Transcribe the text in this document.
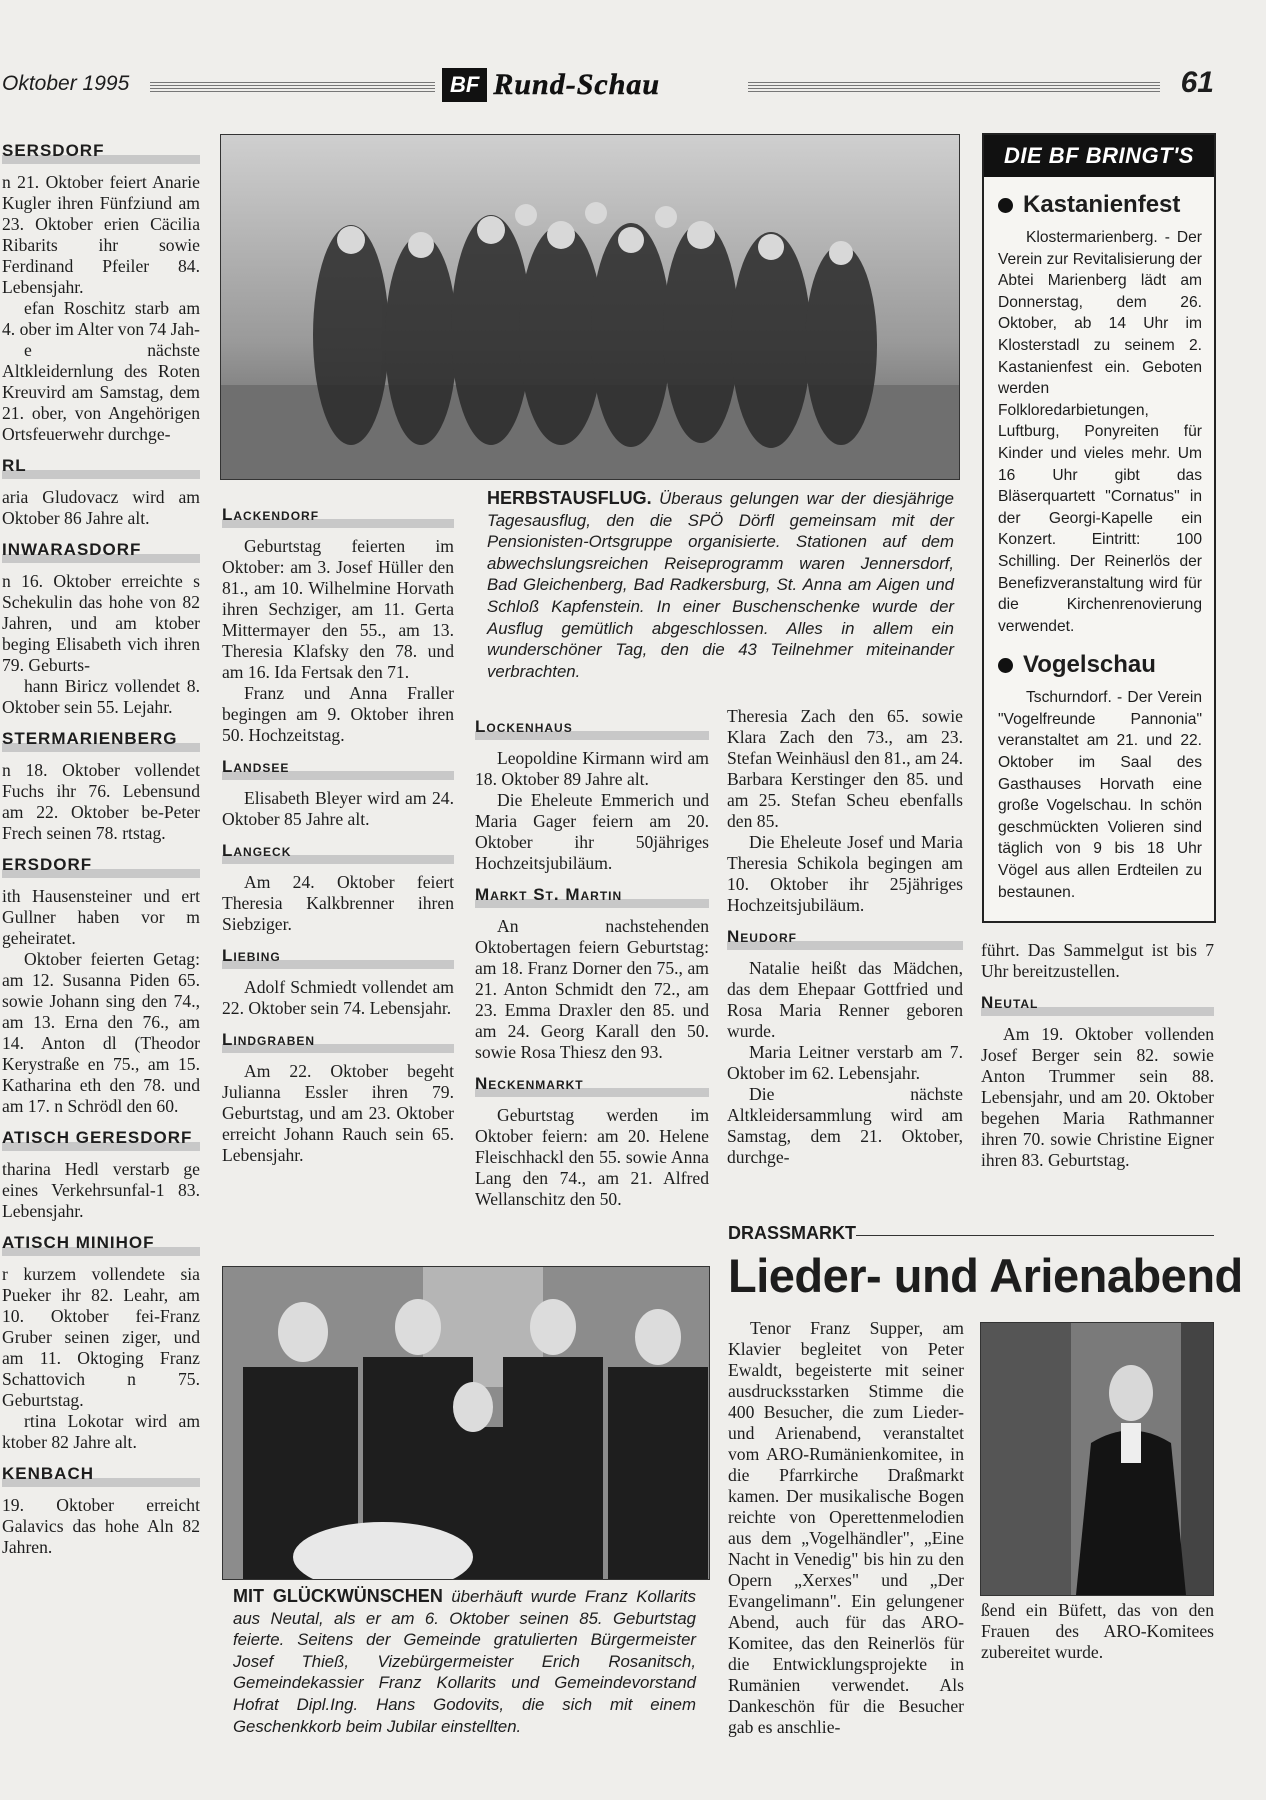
Oktober 1995	BF Rund-Schau	61
SERSDORF

n 21. Oktober feiert Anarie Kugler ihren Fünfziund am 23. Oktober erien Cäcilia Ribarits ihr sowie Ferdinand Pfeiler 84. Lebensjahr.

efan Roschitz starb am 4. ober im Alter von 74 Jah-

e nächste Altkleidernlung des Roten Kreuvird am Samstag, dem 21. ober, von Angehörigen Ortsfeuerwehr durchge-

RL

aria Gludovacz wird am Oktober 86 Jahre alt.

INWARASDORF

n 16. Oktober erreichte s Schekulin das hohe von 82 Jahren, und am ktober beging Elisabeth vich ihren 79. Geburts-

hann Biricz vollendet 8. Oktober sein 55. Lejahr.

STERMARIENBERG

n 18. Oktober vollendet Fuchs ihr 76. Lebensund am 22. Oktober be-Peter Frech seinen 78. rtstag.

ERSDORF

ith Hausensteiner und ert Gullner haben vor m geheiratet.

Oktober feierten Getag: am 12. Susanna Piden 65. sowie Johann sing den 74., am 13. Erna den 76., am 14. Anton dl (Theodor Kerystraße en 75., am 15. Katharina eth den 78. und am 17. n Schrödl den 60.

ATISCH GERESDORF

tharina Hedl verstarb ge eines Verkehrsunfal-1 83. Lebensjahr.

ATISCH MINIHOF

r kurzem vollendete sia Pueker ihr 82. Leahr, am 10. Oktober fei-Franz Gruber seinen ziger, und am 11. Oktoging Franz Schattovich n 75. Geburtstag.

rtina Lokotar wird am ktober 82 Jahre alt.

KENBACH

19. Oktober erreicht Galavics das hohe Aln 82 Jahren.

HERBSTAUSFLUG. Überaus gelungen war der diesjährige Tagesausflug, den die SPÖ Dörfl gemeinsam mit der Pensionisten-Ortsgruppe organisierte. Stationen auf dem abwechslungsreichen Reiseprogramm waren Jennersdorf, Bad Gleichenberg, Bad Radkersburg, St. Anna am Aigen und Schloß Kapfenstein. In einer Buschenschenke wurde der Ausflug gemütlich abgeschlossen. Alles in allem ein wunderschöner Tag, den die 43 Teilnehmer miteinander verbrachten.
Lackendorf

Geburtstag feierten im Oktober: am 3. Josef Hüller den 81., am 10. Wilhelmine Horvath ihren Sechziger, am 11. Gerta Mittermayer den 55., am 13. Theresia Klafsky den 78. und am 16. Ida Fertsak den 71.

Franz und Anna Fraller begingen am 9. Oktober ihren 50. Hochzeitstag.

Landsee

Elisabeth Bleyer wird am 24. Oktober 85 Jahre alt.

Langeck

Am 24. Oktober feiert Theresia Kalkbrenner ihren Siebziger.

Liebing

Adolf Schmiedt vollendet am 22. Oktober sein 74. Lebensjahr.

Lindgraben

Am 22. Oktober begeht Julianna Essler ihren 79. Geburtstag, und am 23. Oktober erreicht Johann Rauch sein 65. Lebensjahr.

Lockenhaus

Leopoldine Kirmann wird am 18. Oktober 89 Jahre alt.

Die Eheleute Emmerich und Maria Gager feiern am 20. Oktober ihr 50jähriges Hochzeitsjubiläum.

Markt St. Martin

An nachstehenden Oktobertagen feiern Geburtstag: am 18. Franz Dorner den 75., am 21. Anton Schmidt den 72., am 23. Emma Draxler den 85. und am 24. Georg Karall den 50. sowie Rosa Thiesz den 93.

Neckenmarkt

Geburtstag werden im Oktober feiern: am 20. Helene Fleischhackl den 55. sowie Anna Lang den 74., am 21. Alfred Wellanschitz den 50.

Theresia Zach den 65. sowie Klara Zach den 73., am 23. Stefan Weinhäusl den 81., am 24. Barbara Kerstinger den 85. und am 25. Stefan Scheu ebenfalls den 85.

Die Eheleute Josef und Maria Theresia Schikola begingen am 10. Oktober ihr 25jähriges Hochzeitsjubiläum.

Neudorf

Natalie heißt das Mädchen, das dem Ehepaar Gottfried und Rosa Maria Renner geboren wurde.

Maria Leitner verstarb am 7. Oktober im 62. Lebensjahr.

Die nächste Altkleidersammlung wird am Samstag, dem 21. Oktober, durchge-

DIE BF BRINGT'S
Kastanienfest
Klostermarienberg. - Der Verein zur Revitalisierung der Abtei Marienberg lädt am Donnerstag, dem 26. Oktober, ab 14 Uhr im Klosterstadl zu seinem 2. Kastanienfest ein. Geboten werden Folkloredarbietungen, Luftburg, Ponyreiten für Kinder und vieles mehr. Um 16 Uhr gibt das Bläserquartett "Cornatus" in der Georgi-Kapelle ein Konzert. Eintritt: 100 Schilling. Der Reinerlös der Benefizveranstaltung wird für die Kirchenrenovierung verwendet.
Vogelschau
Tschurndorf. - Der Verein "Vogelfreunde Pannonia" veranstaltet am 21. und 22. Oktober im Saal des Gasthauses Horvath eine große Vogelschau. In schön geschmückten Volieren sind täglich von 9 bis 18 Uhr Vögel aus allen Erdteilen zu bestaunen.

führt. Das Sammelgut ist bis 7 Uhr bereitzustellen.

Neutal

Am 19. Oktober vollenden Josef Berger sein 82. sowie Anton Trummer sein 88. Lebensjahr, und am 20. Oktober begehen Maria Rathmanner ihren 70. sowie Christine Eigner ihren 83. Geburtstag.

MIT GLÜCKWÜNSCHEN überhäuft wurde Franz Kollarits aus Neutal, als er am 6. Oktober seinen 85. Geburtstag feierte. Seitens der Gemeinde gratulierten Bürgermeister Josef Thieß, Vizebürgermeister Erich Rosanitsch, Gemeindekassier Franz Kollarits und Gemeindevorstand Hofrat Dipl.Ing. Hans Godovits, die sich mit einem Geschenkkorb beim Jubilar einstellten.
DRASSMARKT
Lieder- und Arienabend

Tenor Franz Supper, am Klavier begleitet von Peter Ewaldt, begeisterte mit seiner ausdrucksstarken Stimme die 400 Besucher, die zum Lieder- und Arienabend, veranstaltet vom ARO-Rumänienkomitee, in die Pfarrkirche Draßmarkt kamen. Der musikalische Bogen reichte von Operettenmelodien aus dem „Vogelhändler", „Eine Nacht in Venedig" bis hin zu den Opern „Xerxes" und „Der Evangelimann". Ein gelungener Abend, auch für das ARO-Komitee, das den Reinerlös für die Entwicklungsprojekte in Rumänien verwendet. Als Dankeschön für die Besucher gab es anschlie-

ßend ein Büfett, das von den Frauen des ARO-Komitees zubereitet wurde.
